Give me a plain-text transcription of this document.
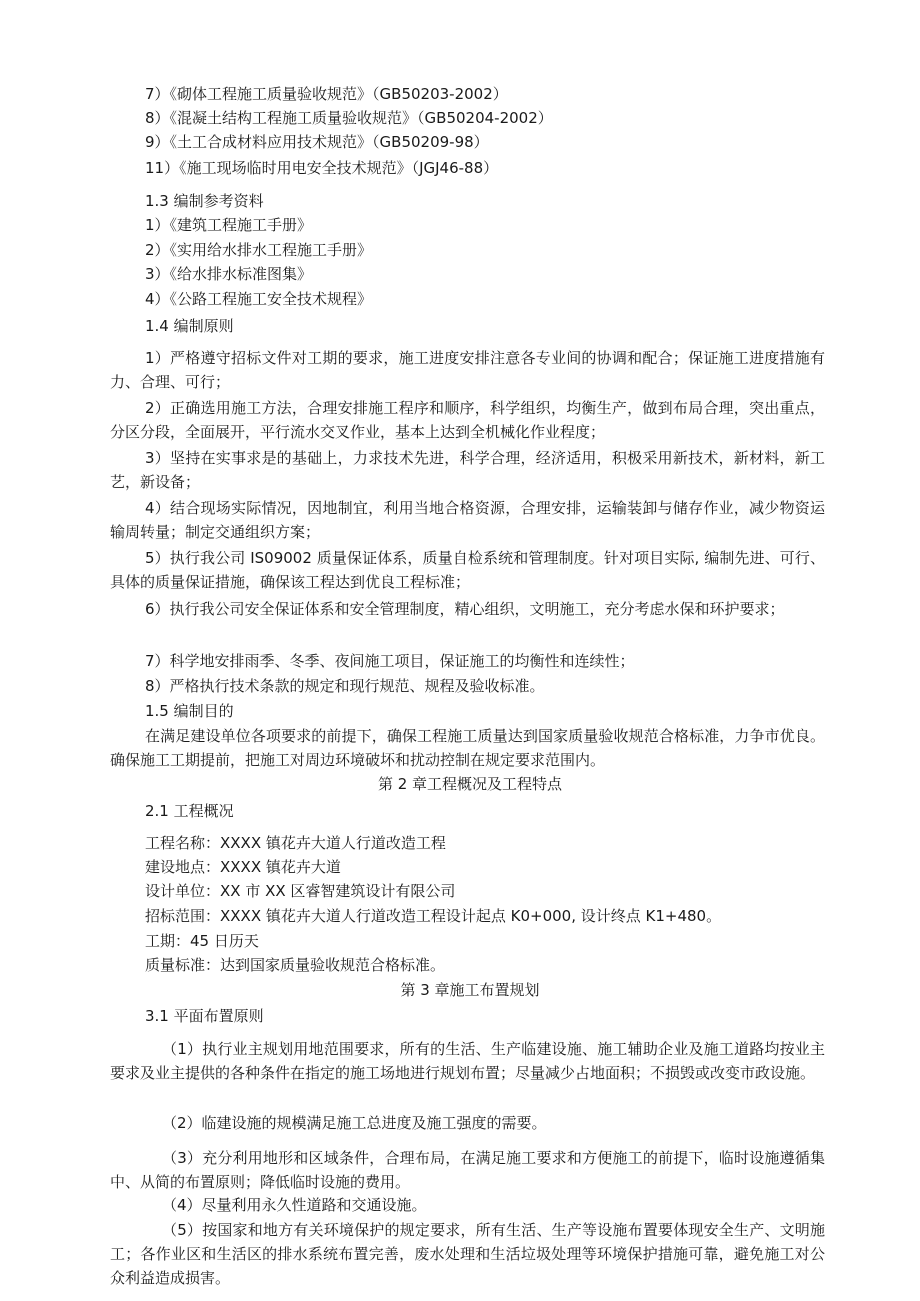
7）《砌体工程施工质量验收规范》（GB50203-2002）
8）《混凝土结构工程施工质量验收规范》（GB50204-2002）
9）《土工合成材料应用技术规范》（GB50209-98）
11）《施工现场临时用电安全技术规范》（JGJ46-88）
1.3 编制参考资料
1）《建筑工程施工手册》
2）《实用给水排水工程施工手册》
3）《给水排水标准图集》
4）《公路工程施工安全技术规程》
1.4 编制原则
1）严格遵守招标文件对工期的要求，施工进度安排注意各专业间的协调和配合；保证施工进度措施有力、合理、可行；
2）正确选用施工方法，合理安排施工程序和顺序，科学组织，均衡生产，做到布局合理，突出重点，分区分段，全面展开，平行流水交叉作业，基本上达到全机械化作业程度；
3）坚持在实事求是的基础上，力求技术先进，科学合理，经济适用，积极采用新技术，新材料，新工艺，新设备；
4）结合现场实际情况，因地制宜，利用当地合格资源，合理安排，运输装卸与储存作业，减少物资运输周转量；制定交通组织方案；
5）执行我公司 IS09002 质量保证体系，质量自检系统和管理制度。针对项目实际, 编制先进、可行、具体的质量保证措施，确保该工程达到优良工程标准；
6）执行我公司安全保证体系和安全管理制度，精心组织，文明施工，充分考虑水保和环护要求；
7）科学地安排雨季、冬季、夜间施工项目，保证施工的均衡性和连续性；
8）严格执行技术条款的规定和现行规范、规程及验收标准。
1.5 编制目的
在满足建设单位各项要求的前提下，确保工程施工质量达到国家质量验收规范合格标准，力争市优良。确保施工工期提前，把施工对周边环境破坏和扰动控制在规定要求范围内。
第 2 章工程概况及工程特点
2.1 工程概况
工程名称：XXXX 镇花卉大道人行道改造工程
建设地点：XXXX 镇花卉大道
设计单位：XX 市 XX 区睿智建筑设计有限公司
招标范围：XXXX 镇花卉大道人行道改造工程设计起点 K0+000, 设计终点 K1+480。
工期：45 日历天
质量标准：达到国家质量验收规范合格标准。
第 3 章施工布置规划
3.1 平面布置原则
（1）执行业主规划用地范围要求，所有的生活、生产临建设施、施工辅助企业及施工道路均按业主要求及业主提供的各种条件在指定的施工场地进行规划布置；尽量减少占地面积；不损毁或改变市政设施。
（2）临建设施的规模满足施工总进度及施工强度的需要。
（3）充分利用地形和区域条件，合理布局，在满足施工要求和方便施工的前提下，临时设施遵循集中、从简的布置原则；降低临时设施的费用。
（4）尽量利用永久性道路和交通设施。
（5）按国家和地方有关环境保护的规定要求，所有生活、生产等设施布置要体现安全生产、文明施工；各作业区和生活区的排水系统布置完善，废水处理和生活垃圾处理等环境保护措施可靠，避免施工对公众利益造成损害。
